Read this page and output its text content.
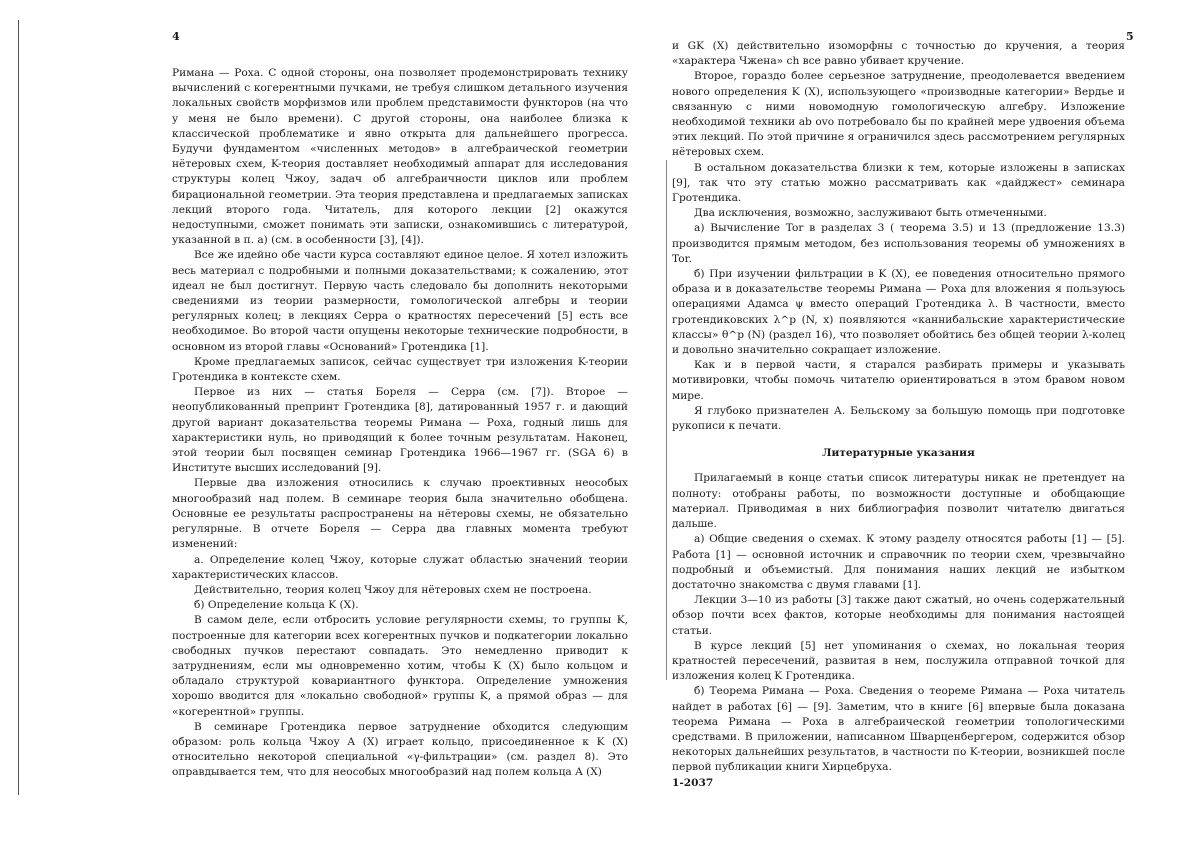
4

Римана — Роха. С одной стороны, она позволяет продемонстрировать технику вычислений с когерентными пучками, не требуя слишком детального изучения локальных свойств морфизмов или проблем представимости функторов (на что у меня не было времени). С другой стороны, она наиболее близка к классической проблематике и явно открыта для дальнейшего прогресса. Будучи фундаментом «численных методов» в алгебраической геометрии нётеровых схем, K-теория доставляет необходимый аппарат для исследования структуры колец Чжоу, задач об алгебраичности циклов или проблем бирациональной геометрии. Эта теория представлена и предлагаемых записках лекций второго года. Читатель, для которого лекции [2] окажутся недоступными, сможет понимать эти записки, ознакомившись с литературой, указанной в п. а) (см. в особенности [3], [4]).

Все же идейно обе части курса составляют единое целое. Я хотел изложить весь материал с подробными и полными доказательствами; к сожалению, этот идеал не был достигнут. Первую часть следовало бы дополнить некоторыми сведениями из теории размерности, гомологической алгебры и теории регулярных колец; в лекциях Серра о кратностях пересечений [5] есть все необходимое. Во второй части опущены некоторые технические подробности, в основном из второй главы «Оснований» Гротендика [1].

Кроме предлагаемых записок, сейчас существует три изложения K-теории Гротендика в контексте схем.

Первое из них — статья Бореля — Серра (см. [7]). Второе — неопубликованный препринт Гротендика [8], датированный 1957 г. и дающий другой вариант доказательства теоремы Римана — Роха, годный лишь для характеристики нуль, но приводящий к более точным результатам. Наконец, этой теории был посвящен семинар Гротендика 1966—1967 гг. (SGA 6) в Институте высших исследований [9].

Первые два изложения относились к случаю проективных неособых многообразий над полем. В семинаре теория была значительно обобщена. Основные ее результаты распространены на нётеровы схемы, не обязательно регулярные. В отчете Бореля — Серра два главных момента требуют изменений:

а. Определение колец Чжоу, которые служат областью значений теории характеристических классов.

Действительно, теория колец Чжоу для нётеровых схем не построена.

б) Определение кольца K (X).

В самом деле, если отбросить условие регулярности схемы, то группы K, построенные для категории всех когерентных пучков и подкатегории локально свободных пучков перестают совпадать. Это немедленно приводит к затруднениям, если мы одновременно хотим, чтобы K (X) было кольцом и обладало структурой ковариантного функтора. Определение умножения хорошо вводится для «локально свободной» группы K, а прямой образ — для «когерентной» группы.

В семинаре Гротендика первое затруднение обходится следующим образом: роль кольца Чжоу A (X) играет кольцо, присоединенное к K (X) относительно некоторой специальной «γ-фильтрации» (см. раздел 8). Это оправдывается тем, что для неособых многообразий над полем кольца A (X)

5

и GK (X) действительно изоморфны с точностью до кручения, а теория «характера Чжена» ch все равно убивает кручение.

Второе, гораздо более серьезное затруднение, преодолевается введением нового определения K (X), использующего «производные категории» Вердье и связанную с ними новомодную гомологическую алгебру. Изложение необходимой техники ab ovo потребовало бы по крайней мере удвоения объема этих лекций. По этой причине я ограничился здесь рассмотрением регулярных нётеровых схем.

В остальном доказательства близки к тем, которые изложены в записках [9], так что эту статью можно рассматривать как «дайджест» семинара Гротендика.

Два исключения, возможно, заслуживают быть отмеченными.

а) Вычисление Tor в разделах 3 ( теорема 3.5) и 13 (предложение 13.3) производится прямым методом, без использования теоремы об умножениях в Tor.

б) При изучении фильтрации в K (X), ее поведения относительно прямого образа и в доказательстве теоремы Римана — Роха для вложения я пользуюсь операциями Адамса ψ вместо операций Гротендика λ. В частности, вместо гротендиковских λ^p (N, x) появляются «каннибальские характеристические классы» θ^p (N) (раздел 16), что позволяет обойтись без общей теории λ-колец и довольно значительно сокращает изложение.

Как и в первой части, я старался разбирать примеры и указывать мотивировки, чтобы помочь читателю ориентироваться в этом бравом новом мире.

Я глубоко признателен А. Бельскому за большую помощь при подготовке рукописи к печати.

Литературные указания

Прилагаемый в конце статьи список литературы никак не претендует на полноту: отобраны работы, по возможности доступные и обобщающие материал. Приводимая в них библиография позволит читателю двигаться дальше.

а) Общие сведения о схемах. К этому разделу относятся работы [1] — [5]. Работа [1] — основной источник и справочник по теории схем, чрезвычайно подробный и объемистый. Для понимания наших лекций не избытком достаточно знакомства с двумя главами [1].

Лекции 3—10 из работы [3] также дают сжатый, но очень содержательный обзор почти всех фактов, которые необходимы для понимания настоящей статьи.

В курсе лекций [5] нет упоминания о схемах, но локальная теория кратностей пересечений, развитая в нем, послужила отправной точкой для изложения колец K Гротендика.

б) Теорема Римана — Роха. Сведения о теореме Римана — Роха читатель найдет в работах [6] — [9]. Заметим, что в книге [6] впервые была доказана теорема Римана — Роха в алгебраической геометрии топологическими средствами. В приложении, написанном Шварценбергером, содержится обзор некоторых дальнейших результатов, в частности по K-теории, возникшей после первой публикации книги Хирцебруха.

1-2037
